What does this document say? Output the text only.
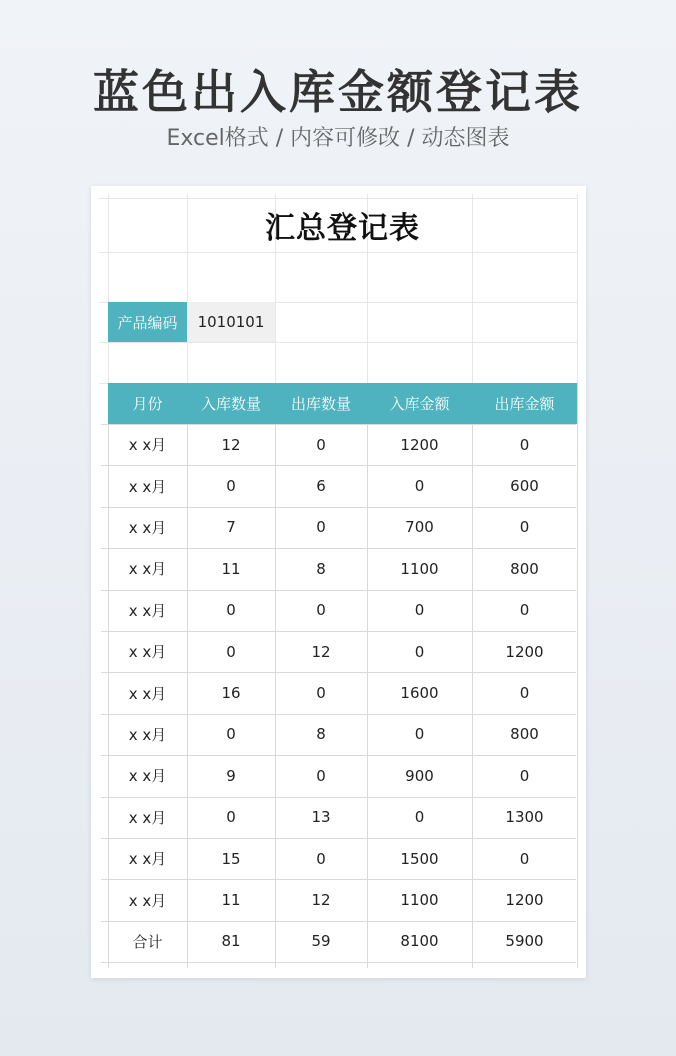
蓝色出入库金额登记表
Excel格式 / 内容可修改 / 动态图表
汇总登记表
产品编码	1010101
月份	入库数量	出库数量	入库金额	出库金额
x x月	12	0	1200	0
x x月	0	6	0	600
x x月	7	0	700	0
x x月	11	8	1100	800
x x月	0	0	0	0
x x月	0	12	0	1200
x x月	16	0	1600	0
x x月	0	8	0	800
x x月	9	0	900	0
x x月	0	13	0	1300
x x月	15	0	1500	0
x x月	11	12	1100	1200
合计	81	59	8100	5900
